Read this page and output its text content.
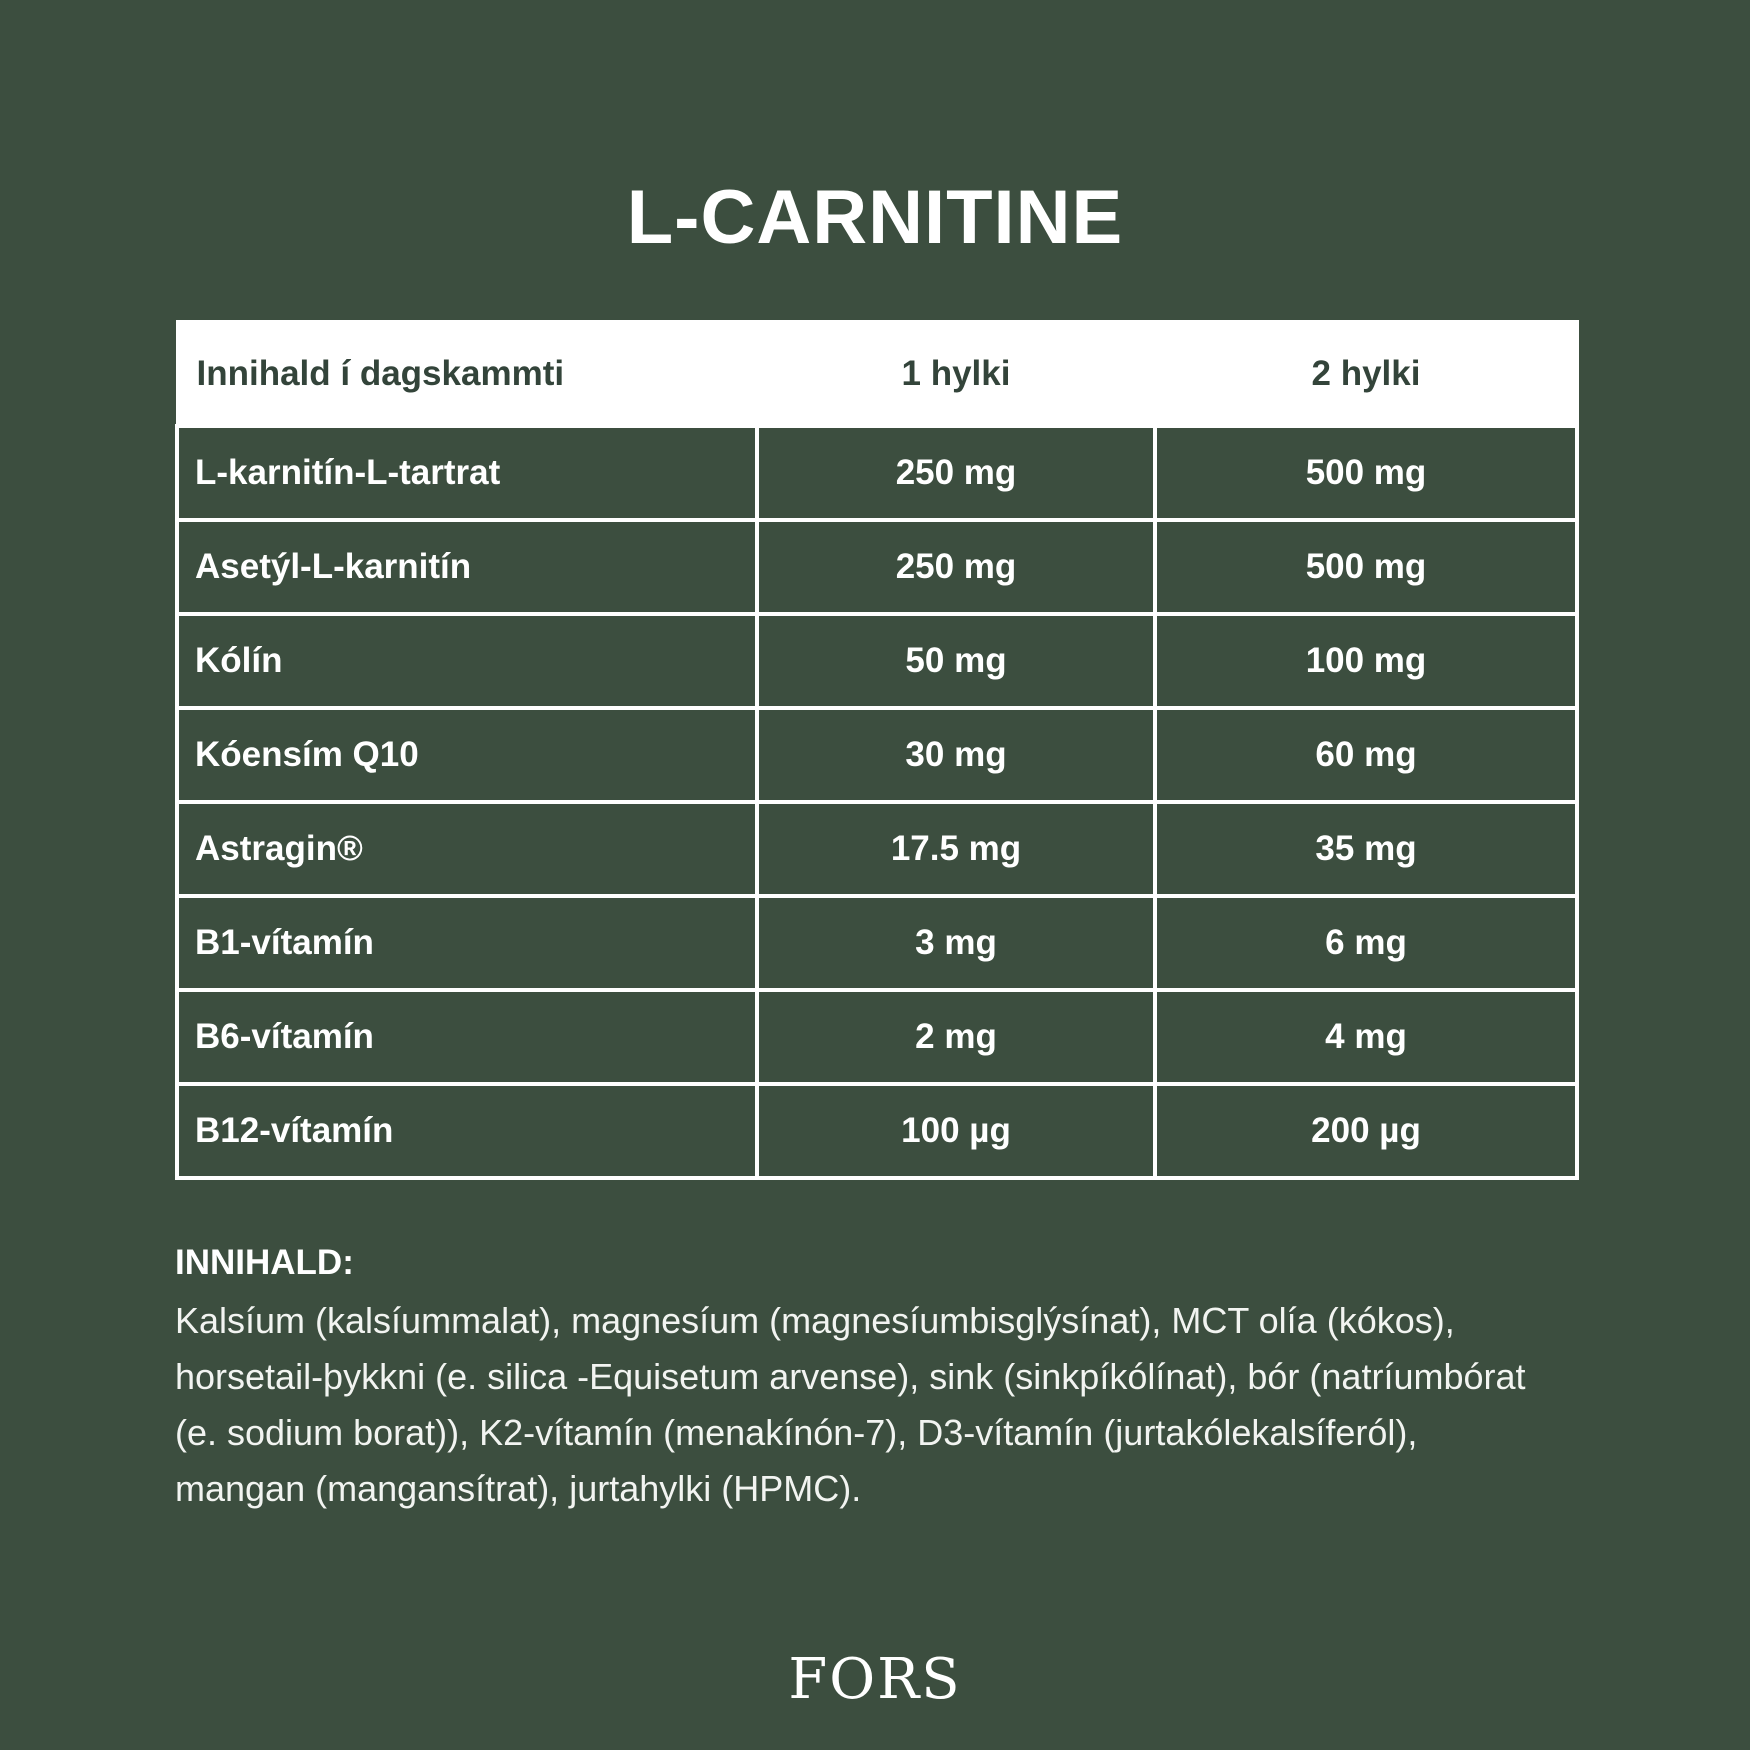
L-CARNITINE
Innihald í dagskammti	1 hylki	2 hylki
L-karnitín-L-tartrat	250 mg	500 mg
Asetýl-L-karnitín	250 mg	500 mg
Kólín	50 mg	100 mg
Kóensím Q10	30 mg	60 mg
Astragin®	17.5 mg	35 mg
B1-vítamín	3 mg	6 mg
B6-vítamín	2 mg	4 mg
B12-vítamín	100 µg	200 µg
INNIHALD:
Kalsíum (kalsíummalat), magnesíum (magnesíumbisglýsínat), MCT olía (kókos), horsetail-þykkni (e. silica -Equisetum arvense), sink (sinkpíkólínat), bór (natríumbórat (e. sodium borat)), K2-vítamín (menakínón-7), D3-vítamín (jurtakólekalsíferól), mangan (mangansítrat), jurtahylki (HPMC).
FORS
